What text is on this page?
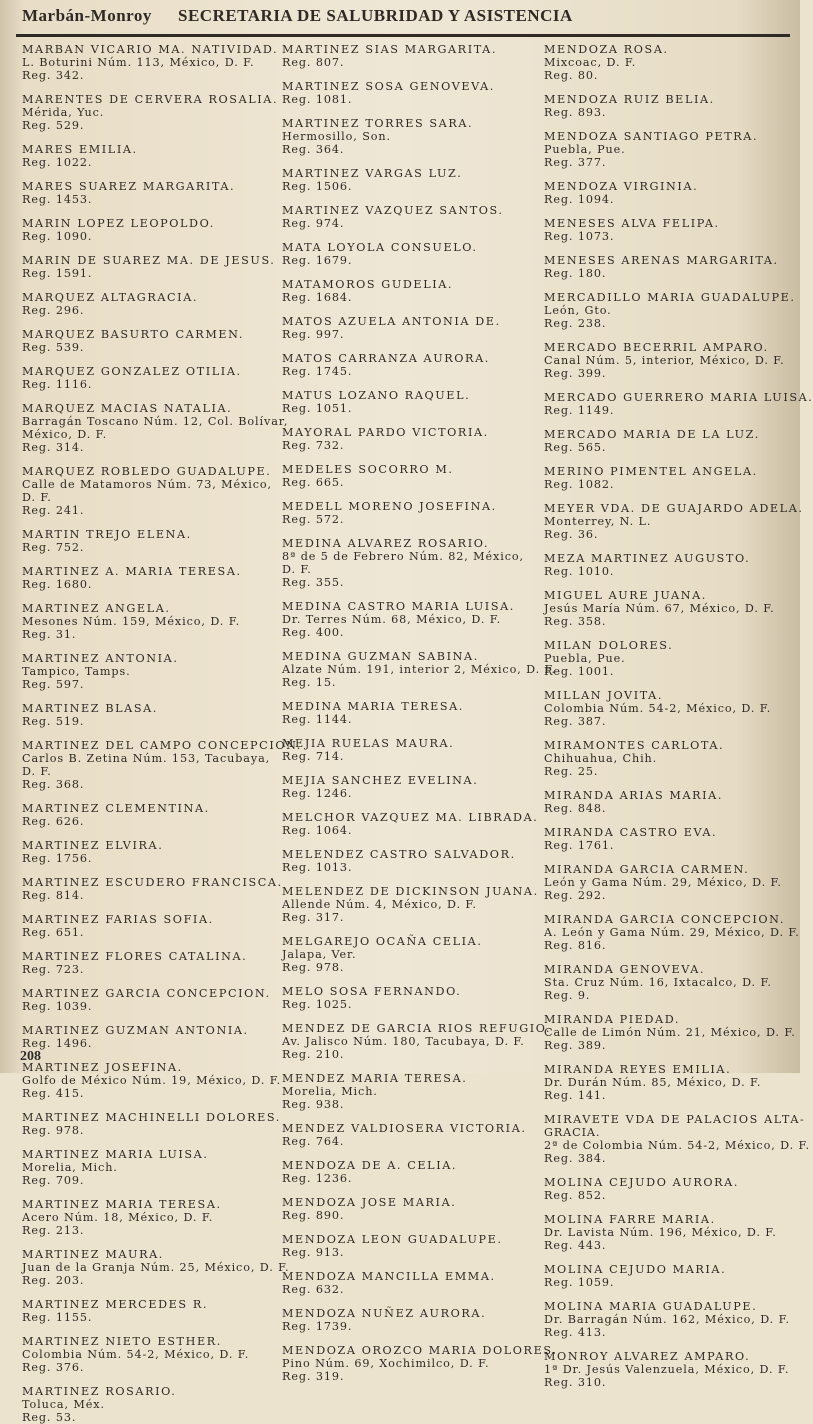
Marbán-Monroy	SECRETARIA DE SALUBRIDAD Y ASISTENCIA
MARBAN VICARIO MA. NATIVIDAD.
L. Boturini Núm. 113, México, D. F.
Reg. 342.
MARENTES DE CERVERA ROSALIA.
Mérida, Yuc.
Reg. 529.
MARES EMILIA.
Reg. 1022.
MARES SUAREZ MARGARITA.
Reg. 1453.
MARIN LOPEZ LEOPOLDO.
Reg. 1090.
MARIN DE SUAREZ MA. DE JESUS.
Reg. 1591.
MARQUEZ ALTAGRACIA.
Reg. 296.
MARQUEZ BASURTO CARMEN.
Reg. 539.
MARQUEZ GONZALEZ OTILIA.
Reg. 1116.
MARQUEZ MACIAS NATALIA.
Barragán Toscano Núm. 12, Col. Bolívar,
México, D. F.
Reg. 314.
MARQUEZ ROBLEDO GUADALUPE.
Calle de Matamoros Núm. 73, México,
D. F.
Reg. 241.
MARTIN TREJO ELENA.
Reg. 752.
MARTINEZ A. MARIA TERESA.
Reg. 1680.
MARTINEZ ANGELA.
Mesones Núm. 159, México, D. F.
Reg. 31.
MARTINEZ ANTONIA.
Tampico, Tamps.
Reg. 597.
MARTINEZ BLASA.
Reg. 519.
MARTINEZ DEL CAMPO CONCEPCION.
Carlos B. Zetina Núm. 153, Tacubaya,
D. F.
Reg. 368.
MARTINEZ CLEMENTINA.
Reg. 626.
MARTINEZ ELVIRA.
Reg. 1756.
MARTINEZ ESCUDERO FRANCISCA.
Reg. 814.
MARTINEZ FARIAS SOFIA.
Reg. 651.
MARTINEZ FLORES CATALINA.
Reg. 723.
MARTINEZ GARCIA CONCEPCION.
Reg. 1039.
MARTINEZ GUZMAN ANTONIA.
Reg. 1496.
MARTINEZ JOSEFINA.
Golfo de México Núm. 19, México, D. F.
Reg. 415.
MARTINEZ MACHINELLI DOLORES.
Reg. 978.
MARTINEZ MARIA LUISA.
Morelia, Mich.
Reg. 709.
MARTINEZ MARIA TERESA.
Acero Núm. 18, México, D. F.
Reg. 213.
MARTINEZ MAURA.
Juan de la Granja Núm. 25, México, D. F.
Reg. 203.
MARTINEZ MERCEDES R.
Reg. 1155.
MARTINEZ NIETO ESTHER.
Colombia Núm. 54-2, México, D. F.
Reg. 376.
MARTINEZ ROSARIO.
Toluca, Méx.
Reg. 53.
MARTINEZ SIAS MARGARITA.
Reg. 807.
MARTINEZ SOSA GENOVEVA.
Reg. 1081.
MARTINEZ TORRES SARA.
Hermosillo, Son.
Reg. 364.
MARTINEZ VARGAS LUZ.
Reg. 1506.
MARTINEZ VAZQUEZ SANTOS.
Reg. 974.
MATA LOYOLA CONSUELO.
Reg. 1679.
MATAMOROS GUDELIA.
Reg. 1684.
MATOS AZUELA ANTONIA DE.
Reg. 997.
MATOS CARRANZA AURORA.
Reg. 1745.
MATUS LOZANO RAQUEL.
Reg. 1051.
MAYORAL PARDO VICTORIA.
Reg. 732.
MEDELES SOCORRO M.
Reg. 665.
MEDELL MORENO JOSEFINA.
Reg. 572.
MEDINA ALVAREZ ROSARIO.
8ª de 5 de Febrero Núm. 82, México,
D. F.
Reg. 355.
MEDINA CASTRO MARIA LUISA.
Dr. Terres Núm. 68, México, D. F.
Reg. 400.
MEDINA GUZMAN SABINA.
Alzate Núm. 191, interior 2, México, D. F.
Reg. 15.
MEDINA MARIA TERESA.
Reg. 1144.
MEJIA RUELAS MAURA.
Reg. 714.
MEJIA SANCHEZ EVELINA.
Reg. 1246.
MELCHOR VAZQUEZ MA. LIBRADA.
Reg. 1064.
MELENDEZ CASTRO SALVADOR.
Reg. 1013.
MELENDEZ DE DICKINSON JUANA.
Allende Núm. 4, México, D. F.
Reg. 317.
MELGAREJO OCAÑA CELIA.
Jalapa, Ver.
Reg. 978.
MELO SOSA FERNANDO.
Reg. 1025.
MENDEZ DE GARCIA RIOS REFUGIO.
Av. Jalisco Núm. 180, Tacubaya, D. F.
Reg. 210.
MENDEZ MARIA TERESA.
Morelia, Mich.
Reg. 938.
MENDEZ VALDIOSERA VICTORIA.
Reg. 764.
MENDOZA DE A. CELIA.
Reg. 1236.
MENDOZA JOSE MARIA.
Reg. 890.
MENDOZA LEON GUADALUPE.
Reg. 913.
MENDOZA MANCILLA EMMA.
Reg. 632.
MENDOZA NUÑEZ AURORA.
Reg. 1739.
MENDOZA OROZCO MARIA DOLORES.
Pino Núm. 69, Xochimilco, D. F.
Reg. 319.
MENDOZA ROSA.
Mixcoac, D. F.
Reg. 80.
MENDOZA RUIZ BELIA.
Reg. 893.
MENDOZA SANTIAGO PETRA.
Puebla, Pue.
Reg. 377.
MENDOZA VIRGINIA.
Reg. 1094.
MENESES ALVA FELIPA.
Reg. 1073.
MENESES ARENAS MARGARITA.
Reg. 180.
MERCADILLO MARIA GUADALUPE.
León, Gto.
Reg. 238.
MERCADO BECERRIL AMPARO.
Canal Núm. 5, interior, México, D. F.
Reg. 399.
MERCADO GUERRERO MARIA LUISA.
Reg. 1149.
MERCADO MARIA DE LA LUZ.
Reg. 565.
MERINO PIMENTEL ANGELA.
Reg. 1082.
MEYER VDA. DE GUAJARDO ADELA.
Monterrey, N. L.
Reg. 36.
MEZA MARTINEZ AUGUSTO.
Reg. 1010.
MIGUEL AURE JUANA.
Jesús María Núm. 67, México, D. F.
Reg. 358.
MILAN DOLORES.
Puebla, Pue.
Reg. 1001.
MILLAN JOVITA.
Colombia Núm. 54-2, México, D. F.
Reg. 387.
MIRAMONTES CARLOTA.
Chihuahua, Chih.
Reg. 25.
MIRANDA ARIAS MARIA.
Reg. 848.
MIRANDA CASTRO EVA.
Reg. 1761.
MIRANDA GARCIA CARMEN.
León y Gama Núm. 29, México, D. F.
Reg. 292.
MIRANDA GARCIA CONCEPCION.
A. León y Gama Núm. 29, México, D. F.
Reg. 816.
MIRANDA GENOVEVA.
Sta. Cruz Núm. 16, Ixtacalco, D. F.
Reg. 9.
MIRANDA PIEDAD.
Calle de Limón Núm. 21, México, D. F.
Reg. 389.
MIRANDA REYES EMILIA.
Dr. Durán Núm. 85, México, D. F.
Reg. 141.
MIRAVETE VDA DE PALACIOS ALTA-
GRACIA.
2ª de Colombia Núm. 54-2, México, D. F.
Reg. 384.
MOLINA CEJUDO AURORA.
Reg. 852.
MOLINA FARRE MARIA.
Dr. Lavista Núm. 196, México, D. F.
Reg. 443.
MOLINA CEJUDO MARIA.
Reg. 1059.
MOLINA MARIA GUADALUPE.
Dr. Barragán Núm. 162, México, D. F.
Reg. 413.
MONROY ALVAREZ AMPARO.
1ª Dr. Jesús Valenzuela, México, D. F.
Reg. 310.
208
